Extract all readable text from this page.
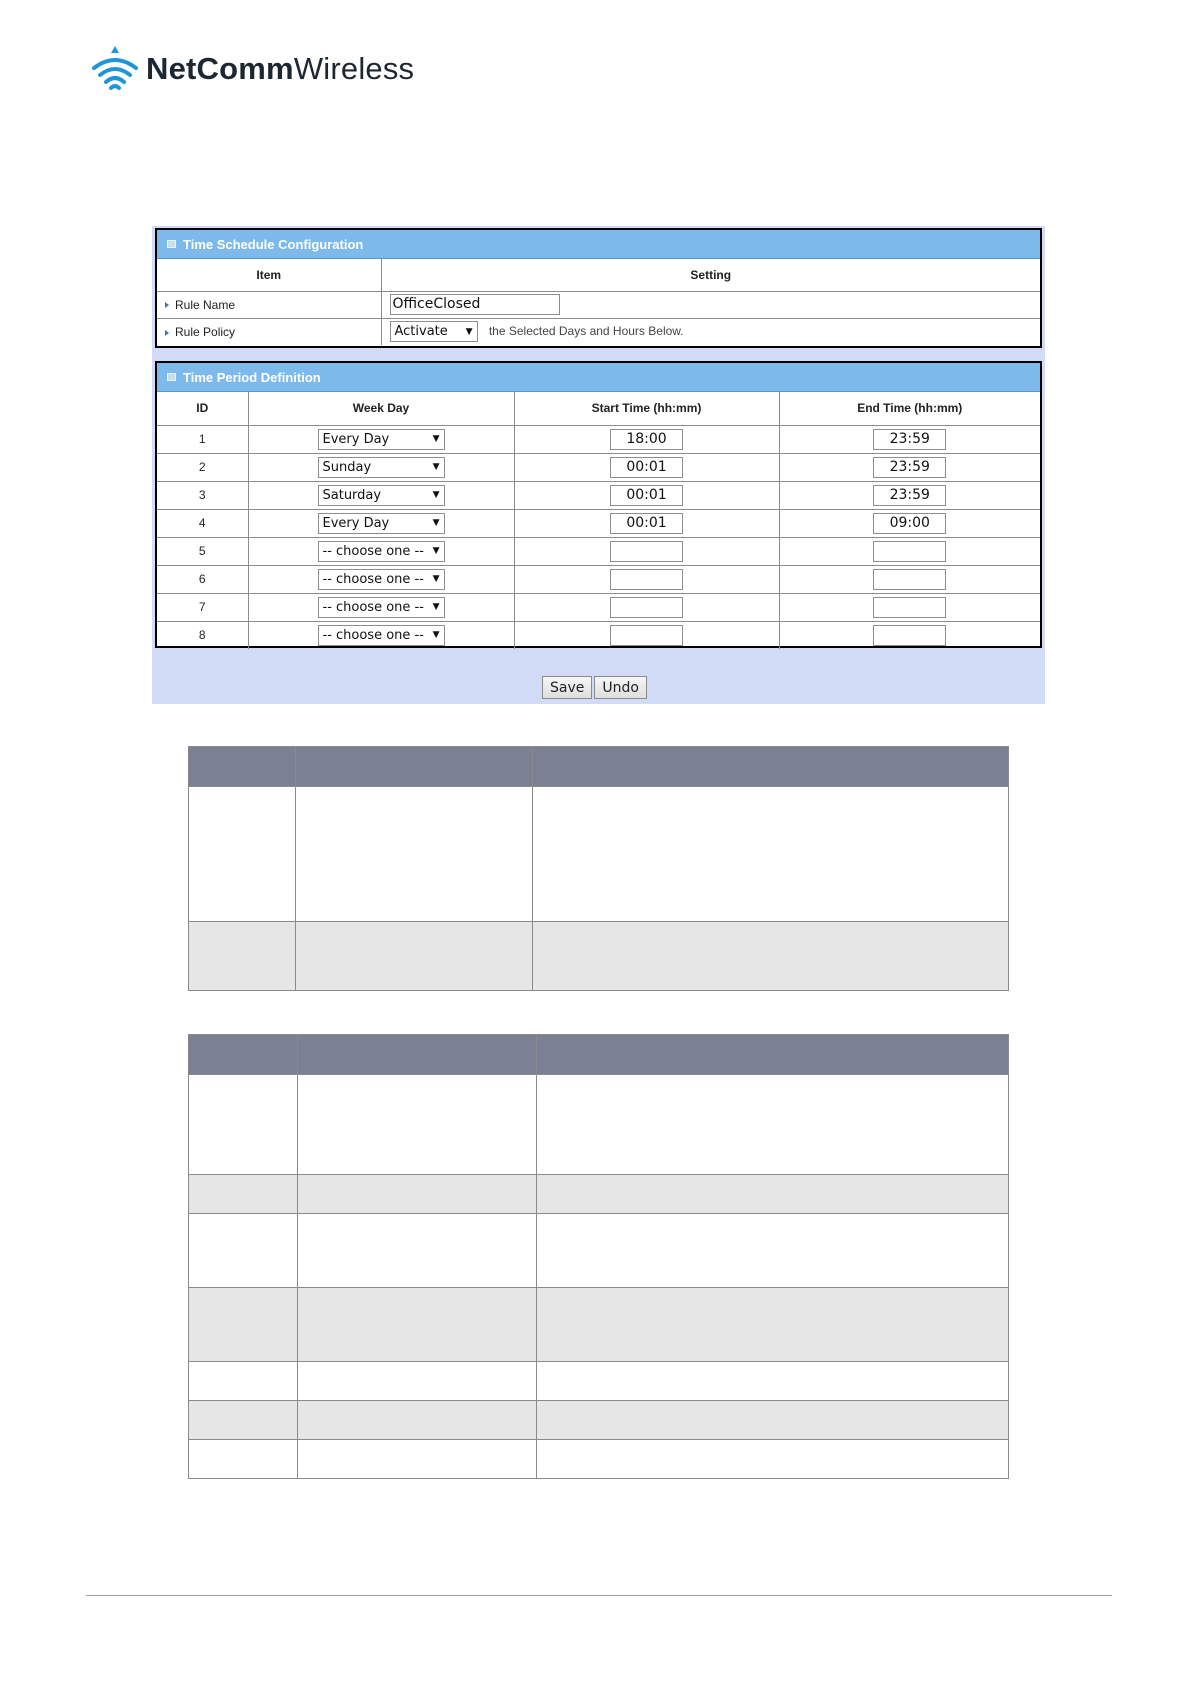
NetCommWireless
Time Schedule Configuration
Item	Setting
Rule Name	OfficeClosed
Rule Policy	Activate ▼ the Selected Days and Hours Below.
Time Period Definition
ID	Week Day	Start Time (hh:mm)	End Time (hh:mm)
1	Every Day ▼	18:00	23:59
2	Sunday ▼	00:01	23:59
3	Saturday ▼	00:01	23:59
4	Every Day ▼	00:01	09:00
5	-- choose one -- ▼		

6	-- choose one -- ▼		

7	-- choose one -- ▼		

8	-- choose one -- ▼		

Save	Undo
